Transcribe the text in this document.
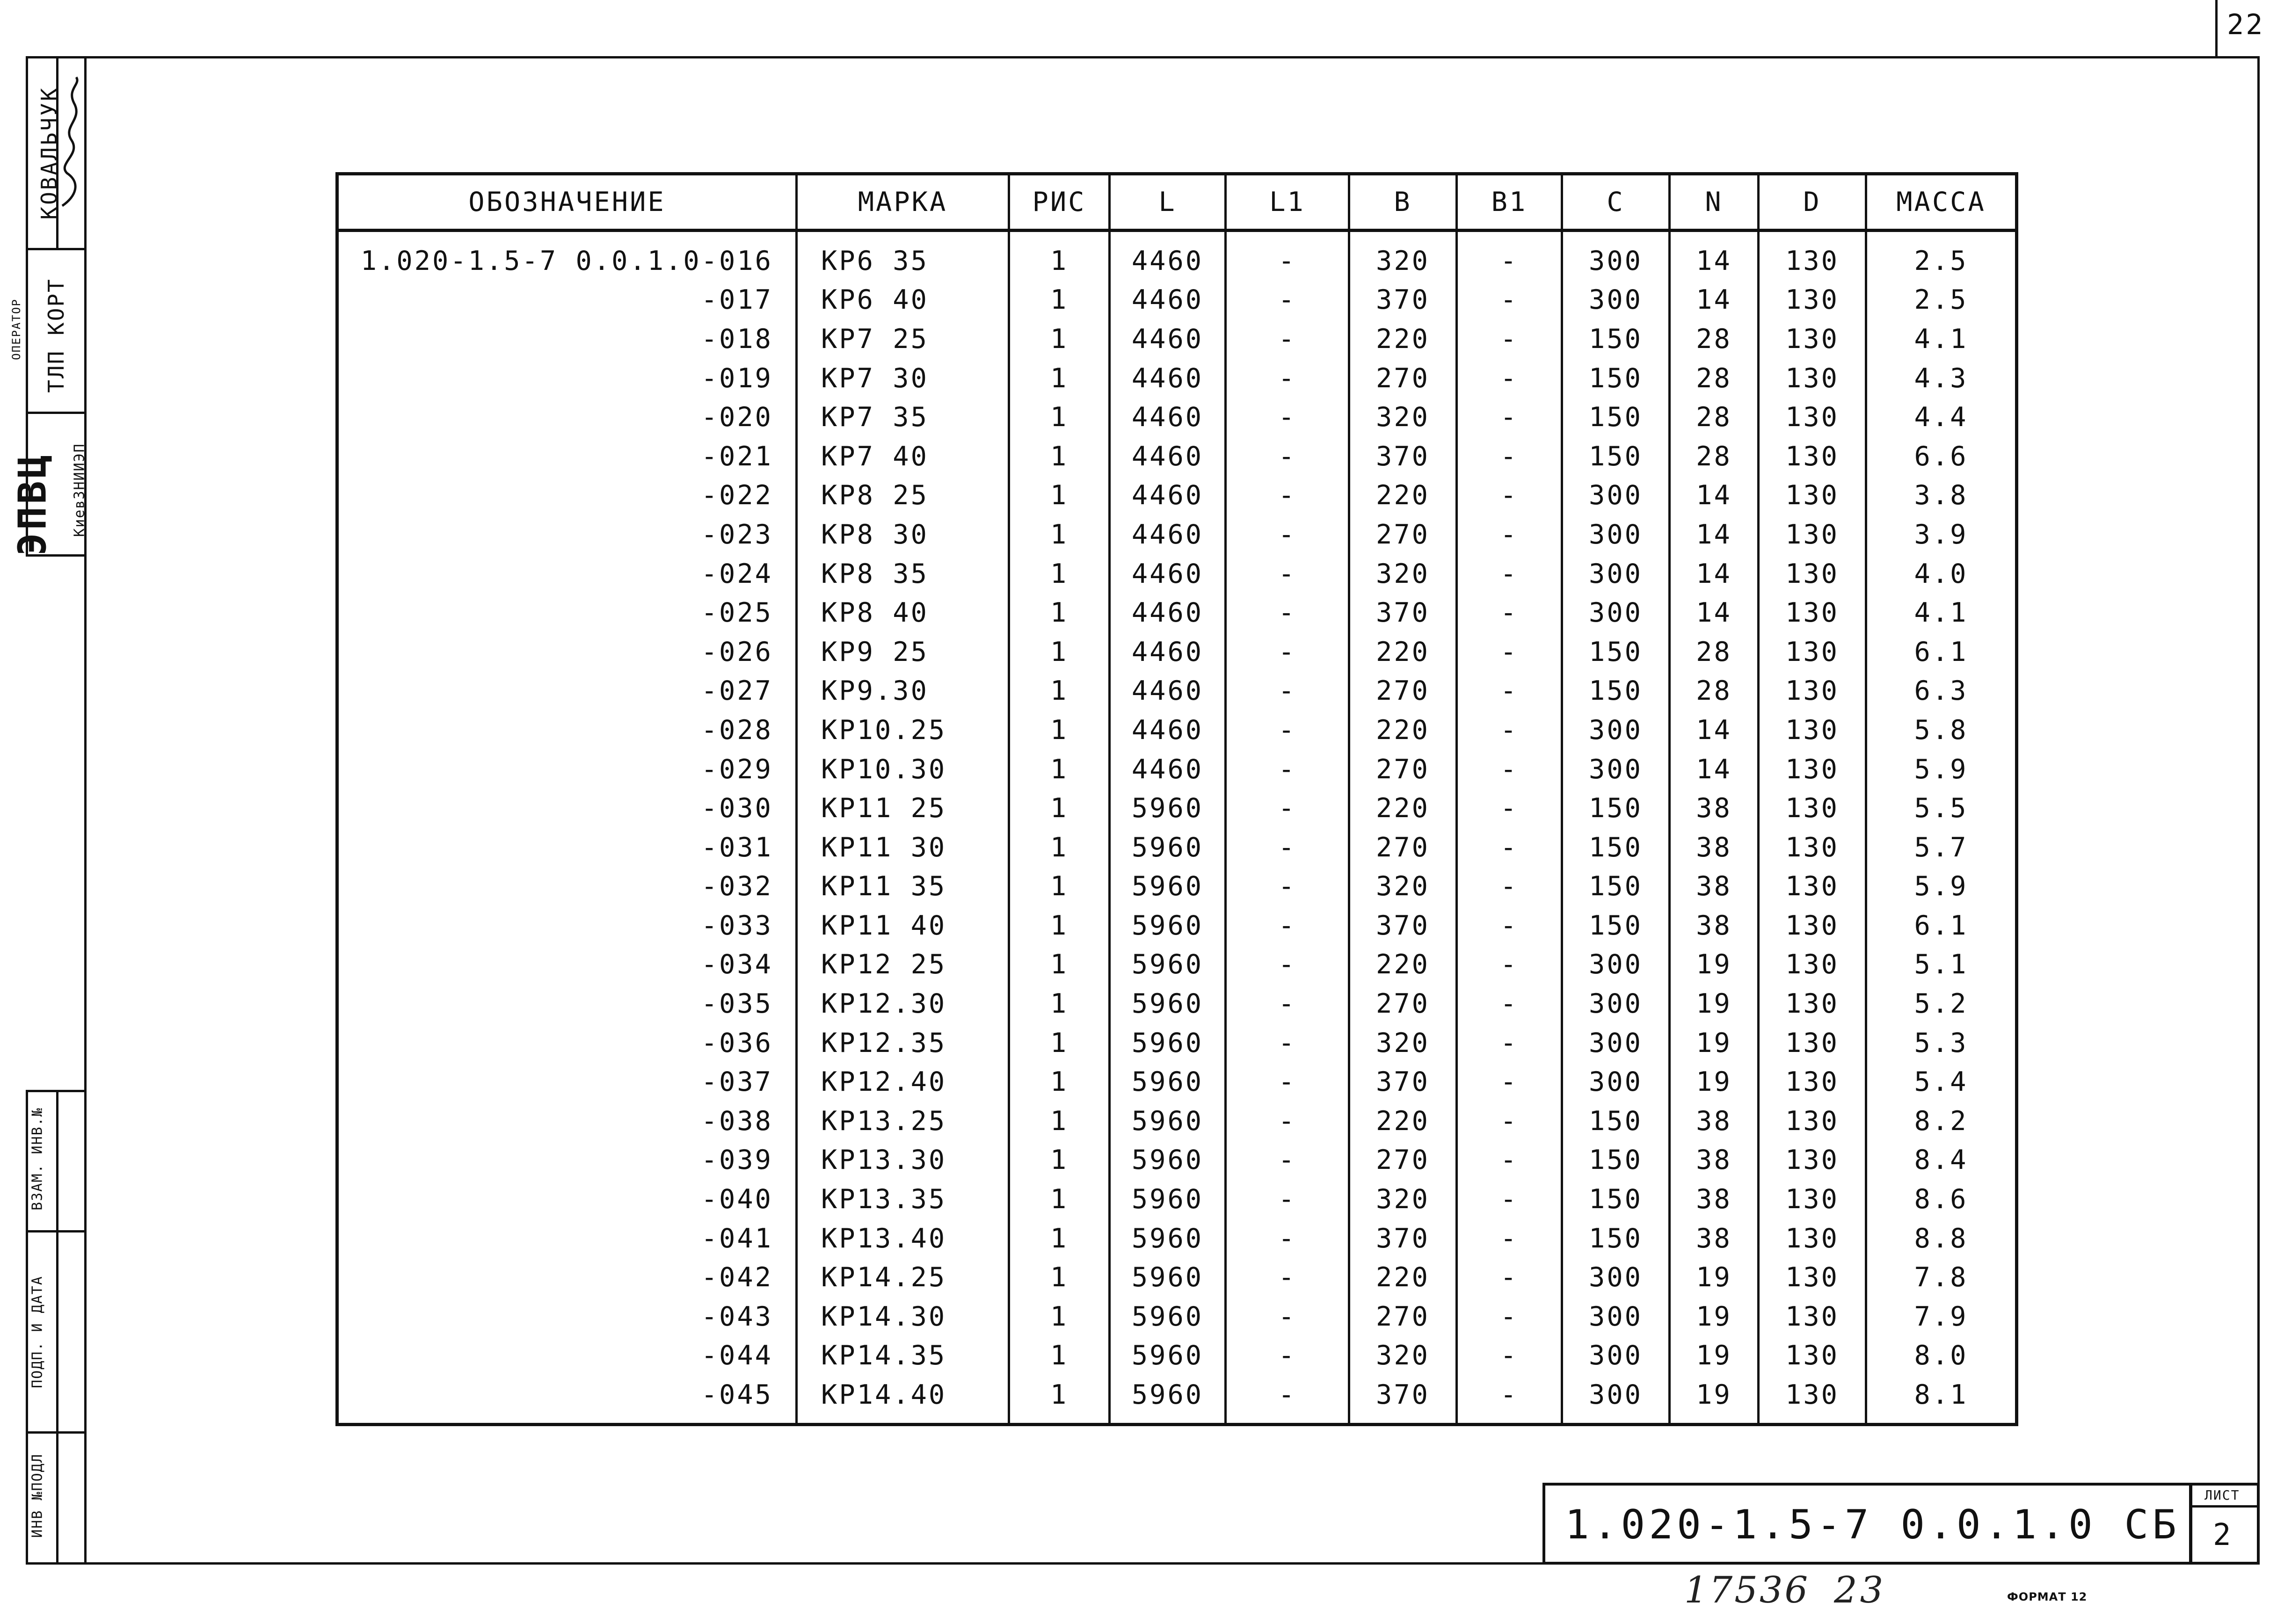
22
КОВАЛЬЧУК
ОПЕРАТОР ТЛП КОРТ
ЭПВЦ КиевЗНИИЭП
ВЗАМ. ИНВ.№
ПОДП. И ДАТА
ИНВ №ПОДЛ
ОБОЗНАЧЕНИЕ	МАРКА	РИС	L	L1	B	B1	C	N	D	МАССА
1.020-1.5-7 0.0.1.0-016	КР6 35	1	4460	-	320	-	300	14	130	2.5
-017	КР6 40	1	4460	-	370	-	300	14	130	2.5
-018	КР7 25	1	4460	-	220	-	150	28	130	4.1
-019	КР7 30	1	4460	-	270	-	150	28	130	4.3
-020	КР7 35	1	4460	-	320	-	150	28	130	4.4
-021	КР7 40	1	4460	-	370	-	150	28	130	6.6
-022	КР8 25	1	4460	-	220	-	300	14	130	3.8
-023	КР8 30	1	4460	-	270	-	300	14	130	3.9
-024	КР8 35	1	4460	-	320	-	300	14	130	4.0
-025	КР8 40	1	4460	-	370	-	300	14	130	4.1
-026	КР9 25	1	4460	-	220	-	150	28	130	6.1
-027	КР9.30	1	4460	-	270	-	150	28	130	6.3
-028	КР10.25	1	4460	-	220	-	300	14	130	5.8
-029	КР10.30	1	4460	-	270	-	300	14	130	5.9
-030	КР11 25	1	5960	-	220	-	150	38	130	5.5
-031	КР11 30	1	5960	-	270	-	150	38	130	5.7
-032	КР11 35	1	5960	-	320	-	150	38	130	5.9
-033	КР11 40	1	5960	-	370	-	150	38	130	6.1
-034	КР12 25	1	5960	-	220	-	300	19	130	5.1
-035	КР12.30	1	5960	-	270	-	300	19	130	5.2
-036	КР12.35	1	5960	-	320	-	300	19	130	5.3
-037	КР12.40	1	5960	-	370	-	300	19	130	5.4
-038	КР13.25	1	5960	-	220	-	150	38	130	8.2
-039	КР13.30	1	5960	-	270	-	150	38	130	8.4
-040	КР13.35	1	5960	-	320	-	150	38	130	8.6
-041	КР13.40	1	5960	-	370	-	150	38	130	8.8
-042	КР14.25	1	5960	-	220	-	300	19	130	7.8
-043	КР14.30	1	5960	-	270	-	300	19	130	7.9
-044	КР14.35	1	5960	-	320	-	300	19	130	8.0
-045	КР14.40	1	5960	-	370	-	300	19	130	8.1
1.020-1.5-7 0.0.1.0 СБ
ЛИСТ
2
17536 23	ФОРМАТ 12
